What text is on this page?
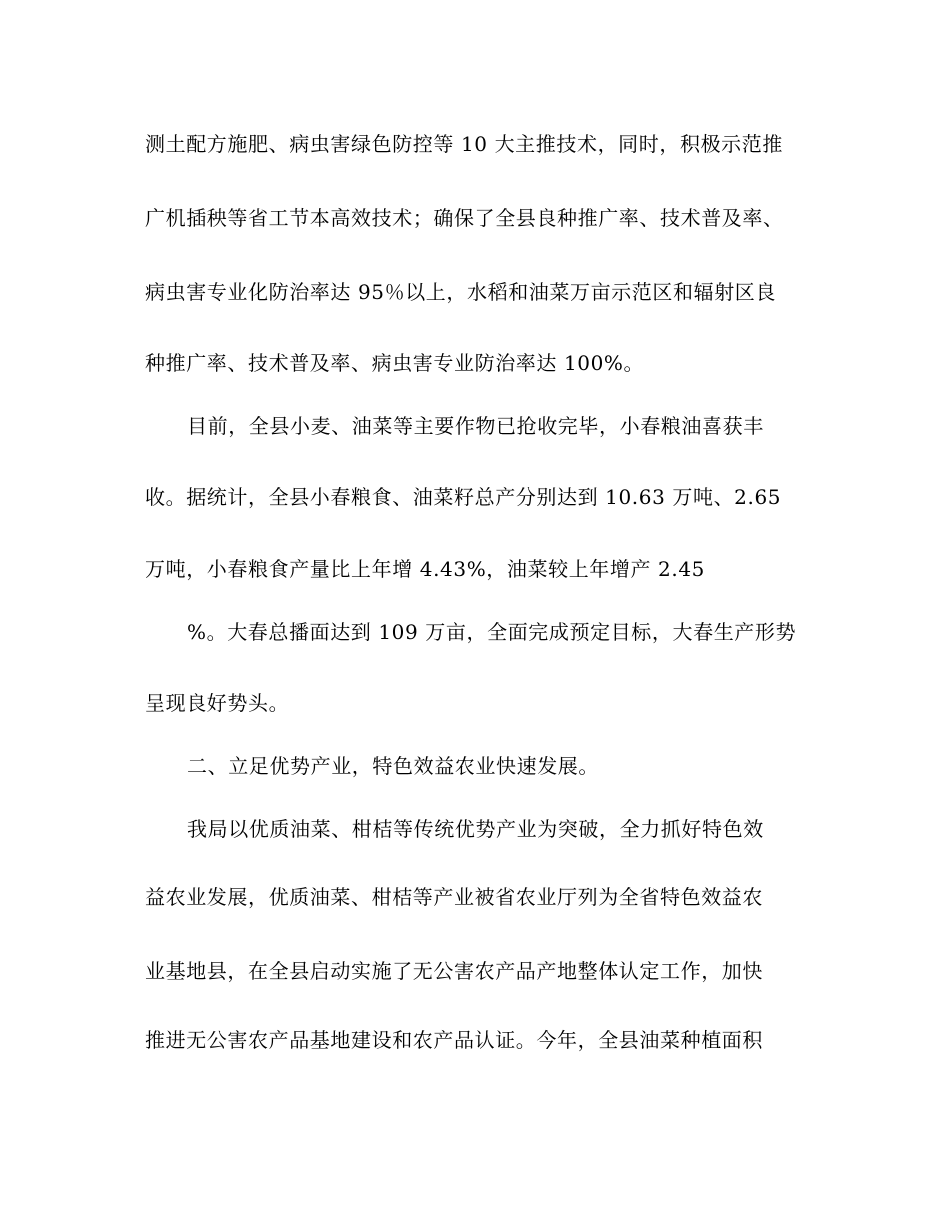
测土配方施肥、病虫害绿色防控等 10 大主推技术，同时，积极示范推
广机插秧等省工节本高效技术；确保了全县良种推广率、技术普及率、
病虫害专业化防治率达 95％以上，水稻和油菜万亩示范区和辐射区良
种推广率、技术普及率、病虫害专业防治率达 100%。
目前，全县小麦、油菜等主要作物已抢收完毕，小春粮油喜获丰
收。据统计，全县小春粮食、油菜籽总产分别达到 10.63 万吨、2.65
万吨，小春粮食产量比上年增 4.43%，油菜较上年增产 2.45
%。大春总播面达到 109 万亩，全面完成预定目标，大春生产形势
呈现良好势头。
二、立足优势产业，特色效益农业快速发展。
我局以优质油菜、柑桔等传统优势产业为突破，全力抓好特色效
益农业发展，优质油菜、柑桔等产业被省农业厅列为全省特色效益农
业基地县，在全县启动实施了无公害农产品产地整体认定工作，加快
推进无公害农产品基地建设和农产品认证。今年，全县油菜种植面积
